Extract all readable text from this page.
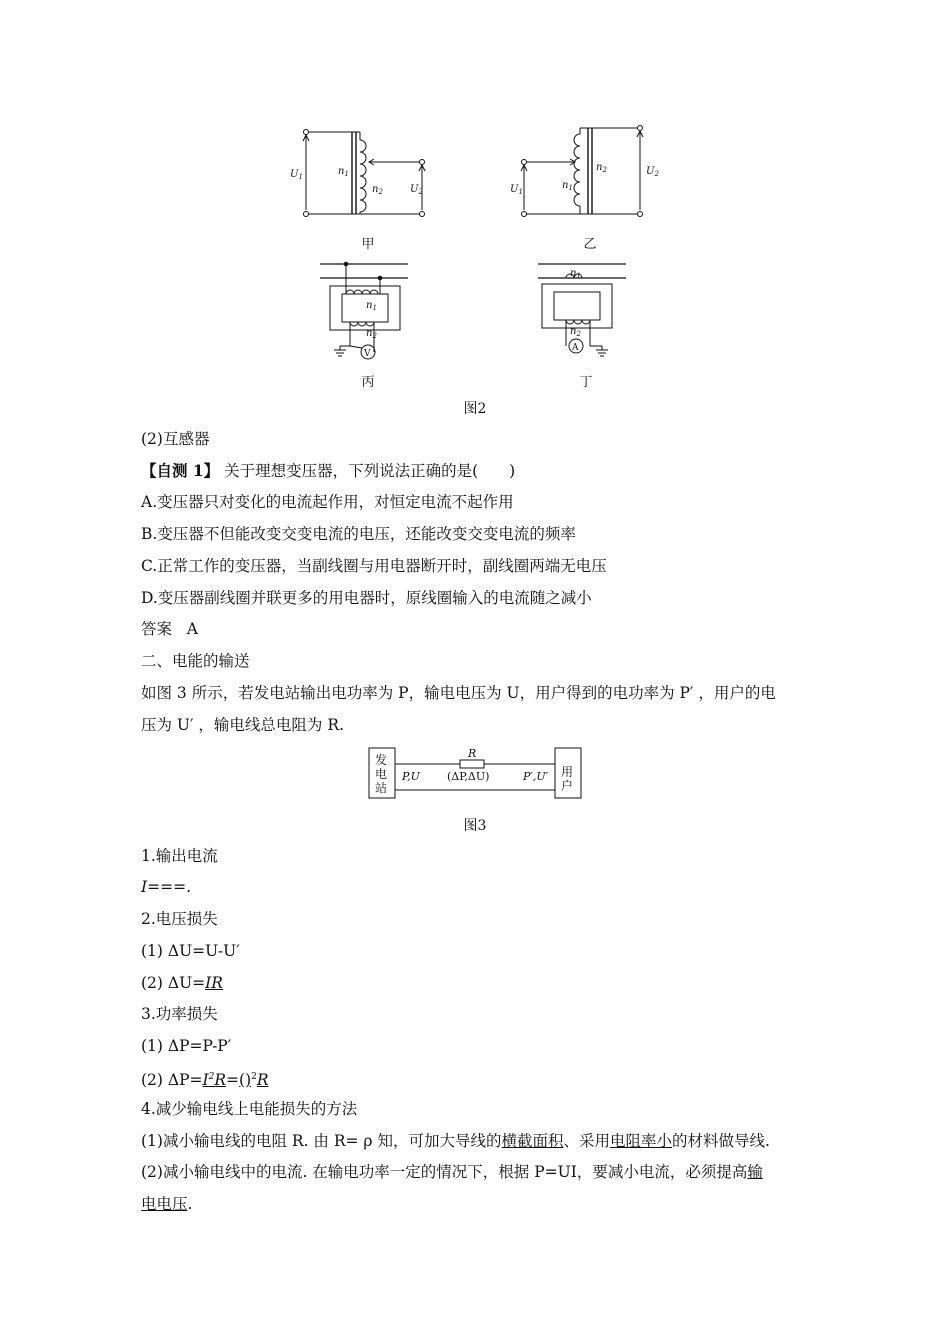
$U_1$	$n_1$
$n_2$	$U_2$	$U_1$
$n_1$
$n_2$	$U_2$
$n_1$
$n_2$
V
$n_1$
$n_2$
A
甲	乙
丙	丁
图2
(2)互感器
【自测 1】 关于理想变压器，下列说法正确的是(　　)
A.变压器只对变化的电流起作用，对恒定电流不起作用
B.变压器不但能改变交变电流的电压，还能改变交变电流的频率
C.正常工作的变压器，当副线圈与用电器断开时，副线圈两端无电压
D.变压器副线圈并联更多的用电器时，原线圈输入的电流随之减小
答案 A
二、电能的输送
如图 3 所示，若发电站输出电功率为 P，输电电压为 U，用户得到的电功率为 P′ ，用户的电
压为 U′ ，输电线总电阻为 R.
发
电
站
用
户
R
P,U (ΔP,ΔU)	P′,U′
图3
1.输出电流
I===.
2.电压损失
(1) ΔU=U-U′
(2) ΔU=IR
3.功率损失
(1) ΔP=P-P′
(2) $\Delta P=I^2R=()^2R$
4.减少输电线上电能损失的方法
(1)减小输电线的电阻 R. 由 R= ρ 知，可加大导线的横截面积、采用电阻率小的材料做导线.
(2)减小输电线中的电流. 在输电功率一定的情况下，根据 P=UI，要减小电流，必须提高输
电电压.
